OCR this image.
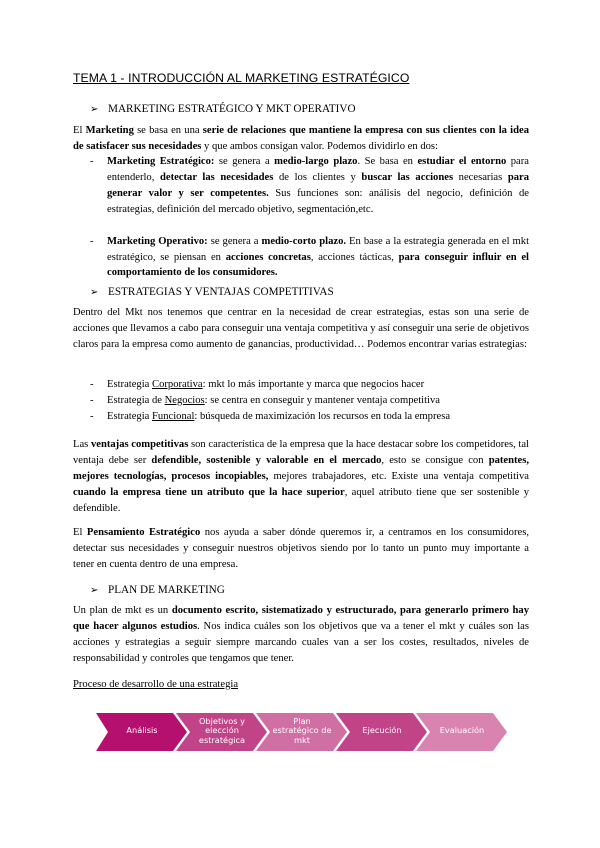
TEMA 1 - INTRODUCCIÓN AL MARKETING ESTRATÉGICO
➢ MARKETING ESTRATÉGICO Y MKT OPERATIVO
El Marketing se basa en una serie de relaciones que mantiene la empresa con sus clientes con la idea de satisfacer sus necesidades y que ambos consigan valor. Podemos dividirlo en dos:
- Marketing Estratégico: se genera a medio-largo plazo. Se basa en estudiar el entorno para entenderlo, detectar las necesidades de los clientes y buscar las acciones necesarias para generar valor y ser competentes. Sus funciones son: análisis del negocio, definición de estrategias, definición del mercado objetivo, segmentación,etc.
- Marketing Operativo: se genera a medio-corto plazo. En base a la estrategia generada en el mkt estratégico, se piensan en acciones concretas, acciones tácticas, para conseguir influir en el comportamiento de los consumidores.
➢ ESTRATEGIAS Y VENTAJAS COMPETITIVAS
Dentro del Mkt nos tenemos que centrar en la necesidad de crear estrategias, estas son una serie de acciones que llevamos a cabo para conseguir una ventaja competitiva y así conseguir una serie de objetivos claros para la empresa como aumento de ganancias, productividad… Podemos encontrar varias estrategias:
- Estrategia Corporativa: mkt lo más importante y marca que negocios hacer
- Estrategia de Negocios: se centra en conseguir y mantener ventaja competitiva
- Estrategia Funcional: búsqueda de maximización los recursos en toda la empresa
Las ventajas competitivas son característica de la empresa que la hace destacar sobre los competidores, tal ventaja debe ser defendible, sostenible y valorable en el mercado, esto se consigue con patentes, mejores tecnologías, procesos incopiables, mejores trabajadores, etc. Existe una ventaja competitiva cuando la empresa tiene un atributo que la hace superior, aquel atributo tiene que ser sostenible y defendible.
El Pensamiento Estratégico nos ayuda a saber dónde queremos ir, a centramos en los consumidores, detectar sus necesidades y conseguir nuestros objetivos siendo por lo tanto un punto muy importante a tener en cuenta dentro de una empresa.
➢ PLAN DE MARKETING
Un plan de mkt es un documento escrito, sistematizado y estructurado, para generarlo primero hay que hacer algunos estudios. Nos indica cuáles son los objetivos que va a tener el mkt y cuáles son las acciones y estrategias a seguir siempre marcando cuales van a ser los costes, resultados, niveles de responsabilidad y controles que tengamos que tener.
Proceso de desarrollo de una estrategia
Análisis
Objetivos y elección estratégica
Plan estratégico de mkt
Ejecución	Evaluación
